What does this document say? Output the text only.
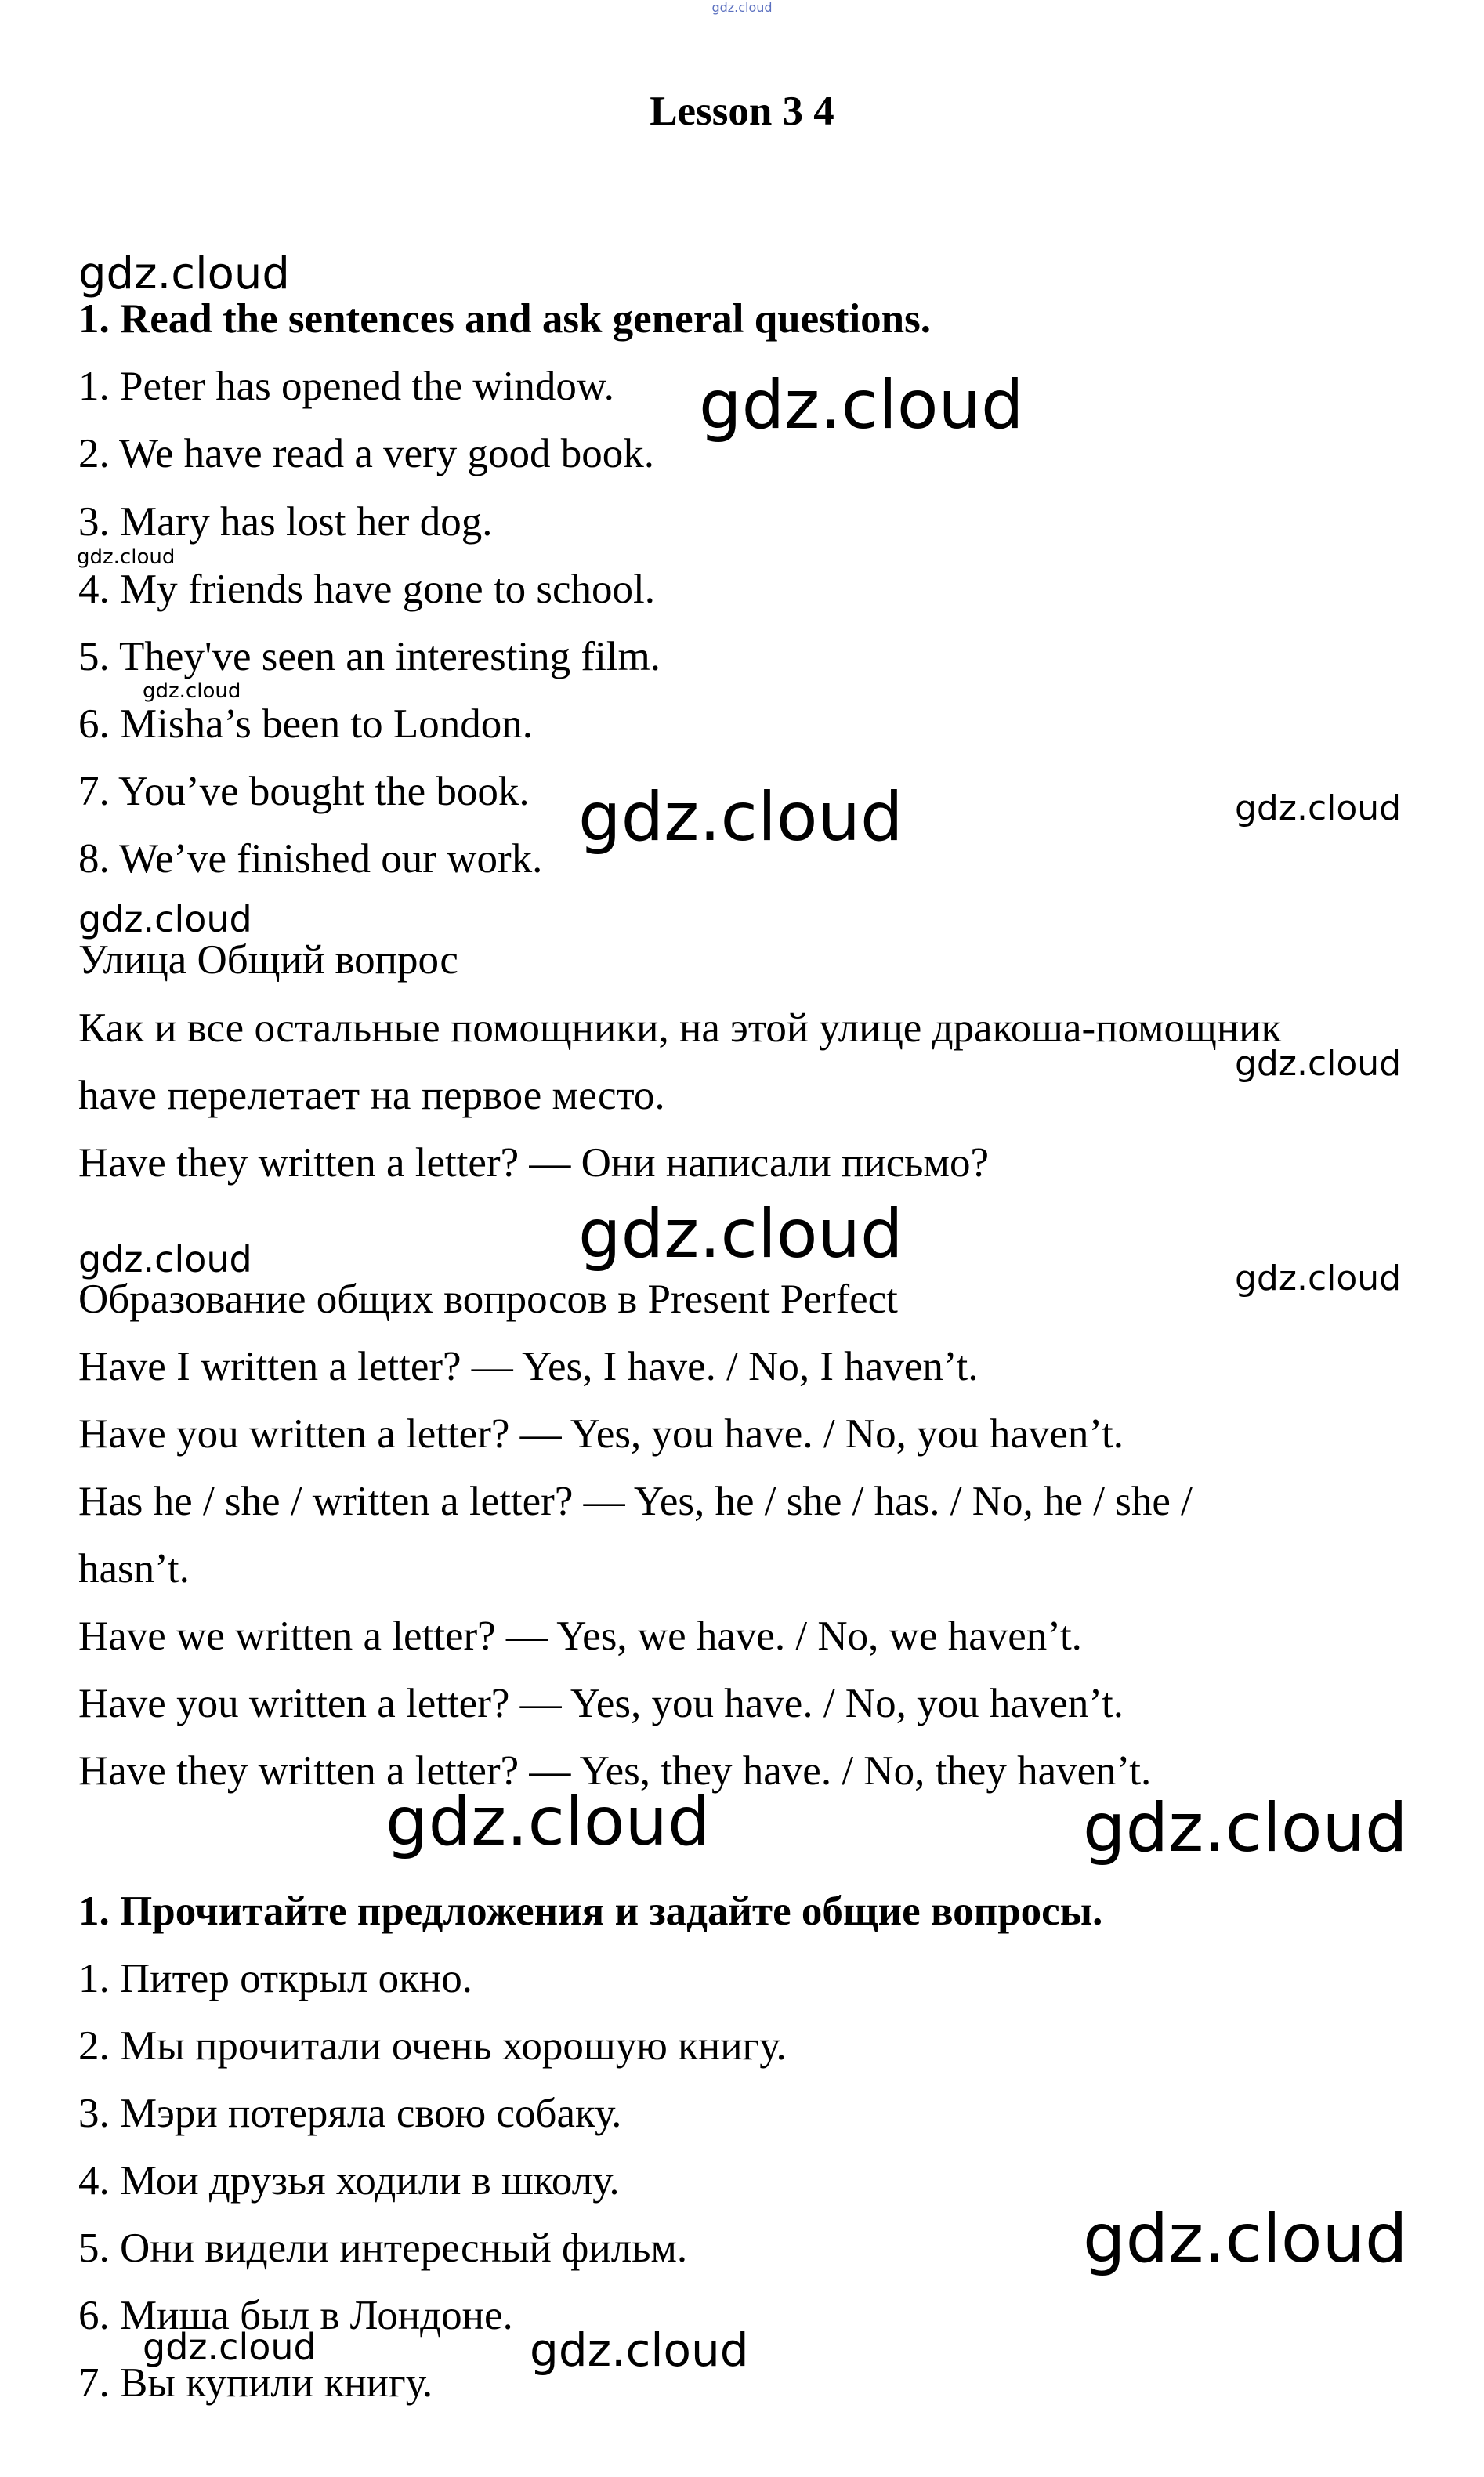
gdz.cloud
Lesson 3 4
1. Read the sentences and ask general questions.
1. Peter has opened the window.
2. We have read a very good book.
3. Mary has lost her dog.
4. My friends have gone to school.
5. They've seen an interesting film.
6. Misha’s been to London.
7. You’ve bought the book.
8. We’ve finished our work.
Улица Общий вопрос
Как и все остальные помощники, на этой улице дракоша-помощник
have перелетает на первое место.
Have they written a letter? — Они написали письмо?
Образование общих вопросов в Present Perfect
Have I written a letter? — Yes, I have. / No, I haven’t.
Have you written a letter? — Yes, you have. / No, you haven’t.
Has he / she / written a letter? — Yes, he / she / has. / No, he / she /
hasn’t.
Have we written a letter? — Yes, we have. / No, we haven’t.
Have you written a letter? — Yes, you have. / No, you haven’t.
Have they written a letter? — Yes, they have. / No, they haven’t.
1. Прочитайте предложения и задайте общие вопросы.
1. Питер открыл окно.
2. Мы прочитали очень хорошую книгу.
3. Мэри потеряла свою собаку.
4. Мои друзья ходили в школу.
5. Они видели интересный фильм.
6. Миша был в Лондоне.
7. Вы купили книгу.
gdz.cloud
gdz.cloud
gdz.cloud
gdz.cloud
gdz.cloud	gdz.cloud
gdz.cloud
gdz.cloud
gdz.cloud
gdz.cloud	gdz.cloud
gdz.cloud	gdz.cloud
gdz.cloud
gdz.cloud	gdz.cloud
